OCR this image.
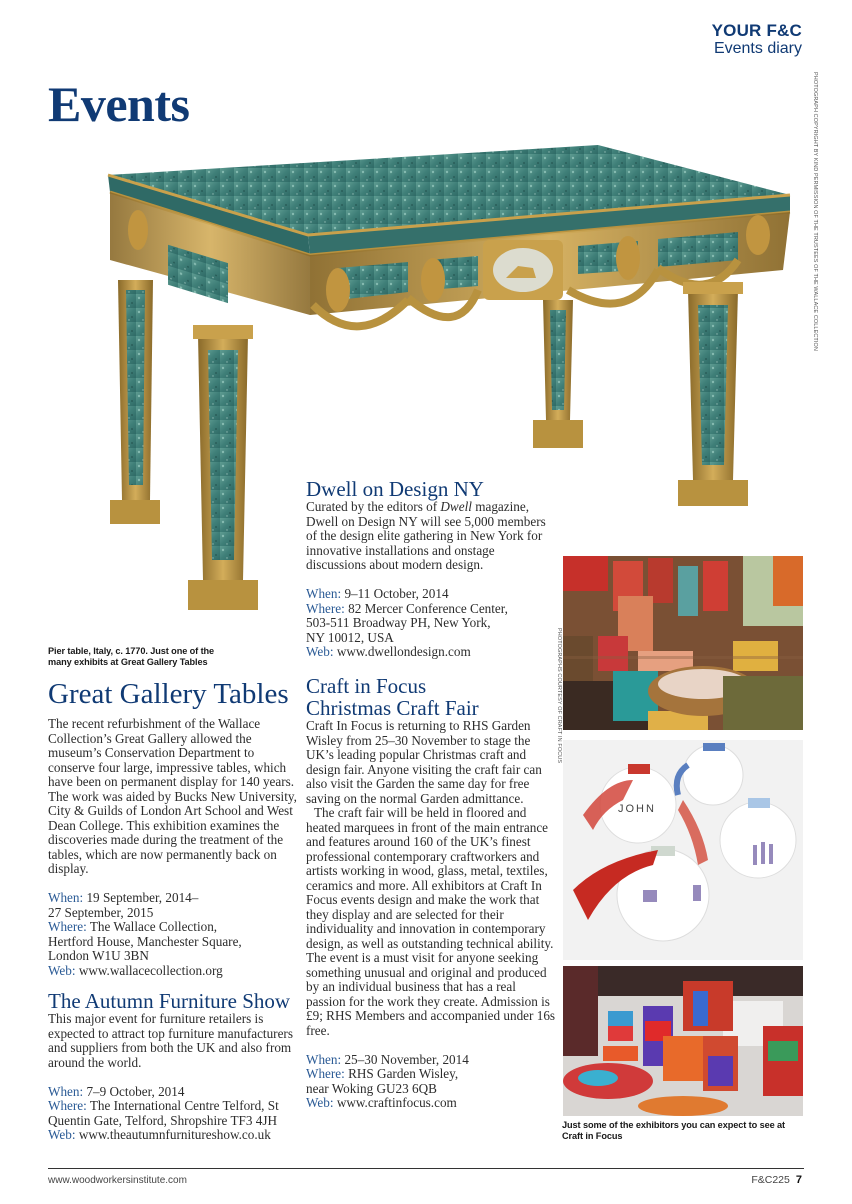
YOUR F&C
Events diary
Events	PHOTOGRAPH COPYRIGHT BY KIND PERMISSION OF THE TRUSTEES OF THE WALLACE COLLECTION
Pier table, Italy, c. 1770. Just one of the many exhibits at Great Gallery Tables
Great Gallery Tables

The recent refurbishment of the Wallace Collection’s Great Gallery allowed the museum’s Conservation Department to conserve four large, impressive tables, which have been on permanent display for 140 years. The work was aided by Bucks New University, City & Guilds of London Art School and West Dean College. This exhibition examines the discoveries made during the treatment of the tables, which are now permanently back on display.

When: 19 September, 2014–
27 September, 2015
Where: The Wallace Collection,
Hertford House, Manchester Square,
London W1U 3BN
Web: www.wallacecollection.org
The Autumn Furniture Show

This major event for furniture retailers is expected to attract top furniture manufacturers and suppliers from both the UK and also from around the world.

When: 7–9 October, 2014
Where: The International Centre Telford, St
Quentin Gate, Telford, Shropshire TF3 4JH
Web: www.theautumnfurnitureshow.co.uk
Dwell on Design NY

Curated by the editors of Dwell magazine, Dwell on Design NY will see 5,000 members of the design elite gathering in New York for innovative installations and onstage discussions about modern design.

When: 9–11 October, 2014
Where: 82 Mercer Conference Center,
503-511 Broadway PH, New York,
NY 10012, USA
Web: www.dwellondesign.com
Craft in Focus
Christmas Craft Fair

Craft In Focus is returning to RHS Garden Wisley from 25–30 November to stage the UK’s leading popular Christmas craft and design fair. Anyone visiting the craft fair can also visit the Garden the same day for free saving on the normal Garden admittance.

The craft fair will be held in floored and heated marquees in front of the main entrance and features around 160 of the UK’s finest professional contemporary craftworkers and artists working in wood, glass, metal, textiles, ceramics and more. All exhibitors at Craft In Focus events design and make the work that they display and are selected for their individuality and innovation in contemporary design, as well as outstanding technical ability. The event is a must visit for anyone seeking something unusual and original and produced by an individual business that has a real passion for the work they create. Admission is £9; RHS Members and accompanied under 16s free.

When: 25–30 November, 2014
Where: RHS Garden Wisley,
near Woking GU23 6QB
Web: www.craftinfocus.com
PHOTOGRAPHS COURTESY OF CRAFT IN FOCUS
JOHN
Just some of the exhibitors you can expect to see at Craft in Focus
www.woodworkersinstitute.com	F&C225 7
